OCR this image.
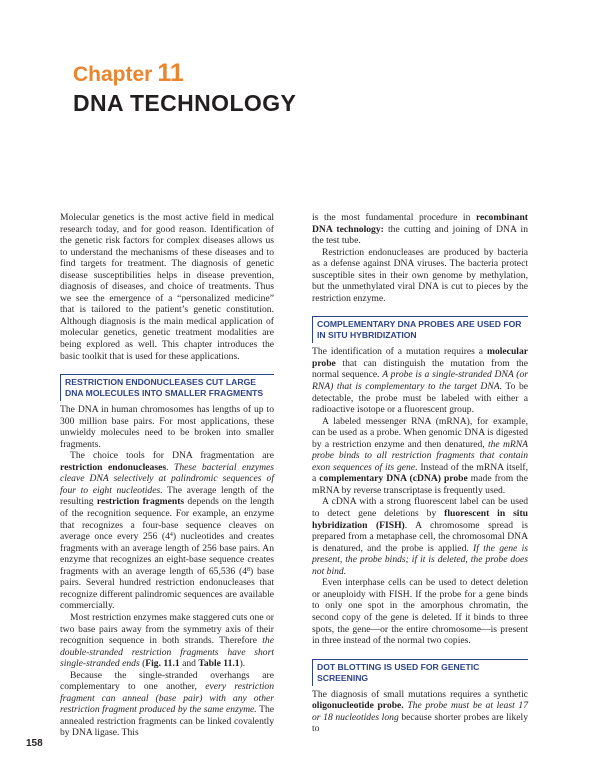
Chapter 11
DNA TECHNOLOGY

Molecular genetics is the most active field in medical research today, and for good reason. Identification of the genetic risk factors for complex diseases allows us to understand the mechanisms of these diseases and to find targets for treatment. The diagnosis of genetic disease susceptibilities helps in disease prevention, diagnosis of diseases, and choice of treatments. Thus we see the emergence of a “personalized medicine” that is tailored to the patient’s genetic constitution. Although diagnosis is the main medical application of molecular genetics, genetic treatment modalities are being explored as well. This chapter introduces the basic toolkit that is used for these applications.

RESTRICTION ENDONUCLEASES CUT LARGE DNA MOLECULES INTO SMALLER FRAGMENTS

The DNA in human chromosomes has lengths of up to 300 million base pairs. For most applications, these unwieldy molecules need to be broken into smaller fragments.

The choice tools for DNA fragmentation are restriction endonucleases. These bacterial enzymes cleave DNA selectively at palindromic sequences of four to eight nucleotides. The average length of the resulting restriction fragments depends on the length of the recognition sequence. For example, an enzyme that recognizes a four-base sequence cleaves on average once every 256 $(4^4)$ nucleotides and creates fragments with an average length of 256 base pairs. An enzyme that recognizes an eight-base sequence creates fragments with an average length of 65,536 $(4^8)$ base pairs. Several hundred restriction endonucleases that recognize different palindromic sequences are available commercially.

Most restriction enzymes make staggered cuts one or two base pairs away from the symmetry axis of their recognition sequence in both strands. Therefore the double-stranded restriction fragments have short single-stranded ends (Fig. 11.1 and Table 11.1).

Because the single-stranded overhangs are complementary to one another, every restriction fragment can anneal (base pair) with any other restriction fragment produced by the same enzyme. The annealed restriction fragments can be linked covalently by DNA ligase. This

is the most fundamental procedure in recombinant DNA technology: the cutting and joining of DNA in the test tube.

Restriction endonucleases are produced by bacteria as a defense against DNA viruses. The bacteria protect susceptible sites in their own genome by methylation, but the unmethylated viral DNA is cut to pieces by the restriction enzyme.

COMPLEMENTARY DNA PROBES ARE USED FOR IN SITU HYBRIDIZATION

The identification of a mutation requires a molecular probe that can distinguish the mutation from the normal sequence. A probe is a single-stranded DNA (or RNA) that is complementary to the target DNA. To be detectable, the probe must be labeled with either a radioactive isotope or a fluorescent group.

A labeled messenger RNA (mRNA), for example, can be used as a probe. When genomic DNA is digested by a restriction enzyme and then denatured, the mRNA probe binds to all restriction fragments that contain exon sequences of its gene. Instead of the mRNA itself, a complementary DNA (cDNA) probe made from the mRNA by reverse transcriptase is frequently used.

A cDNA with a strong fluorescent label can be used to detect gene deletions by fluorescent in situ hybridization (FISH). A chromosome spread is prepared from a metaphase cell, the chromosomal DNA is denatured, and the probe is applied. If the gene is present, the probe binds; if it is deleted, the probe does not bind.

Even interphase cells can be used to detect deletion or aneuploidy with FISH. If the probe for a gene binds to only one spot in the amorphous chromatin, the second copy of the gene is deleted. If it binds to three spots, the gene—or the entire chromosome—is present in three instead of the normal two copies.

DOT BLOTTING IS USED FOR GENETIC SCREENING

The diagnosis of small mutations requires a synthetic oligonucleotide probe. The probe must be at least 17 or 18 nucleotides long because shorter probes are likely to

158
